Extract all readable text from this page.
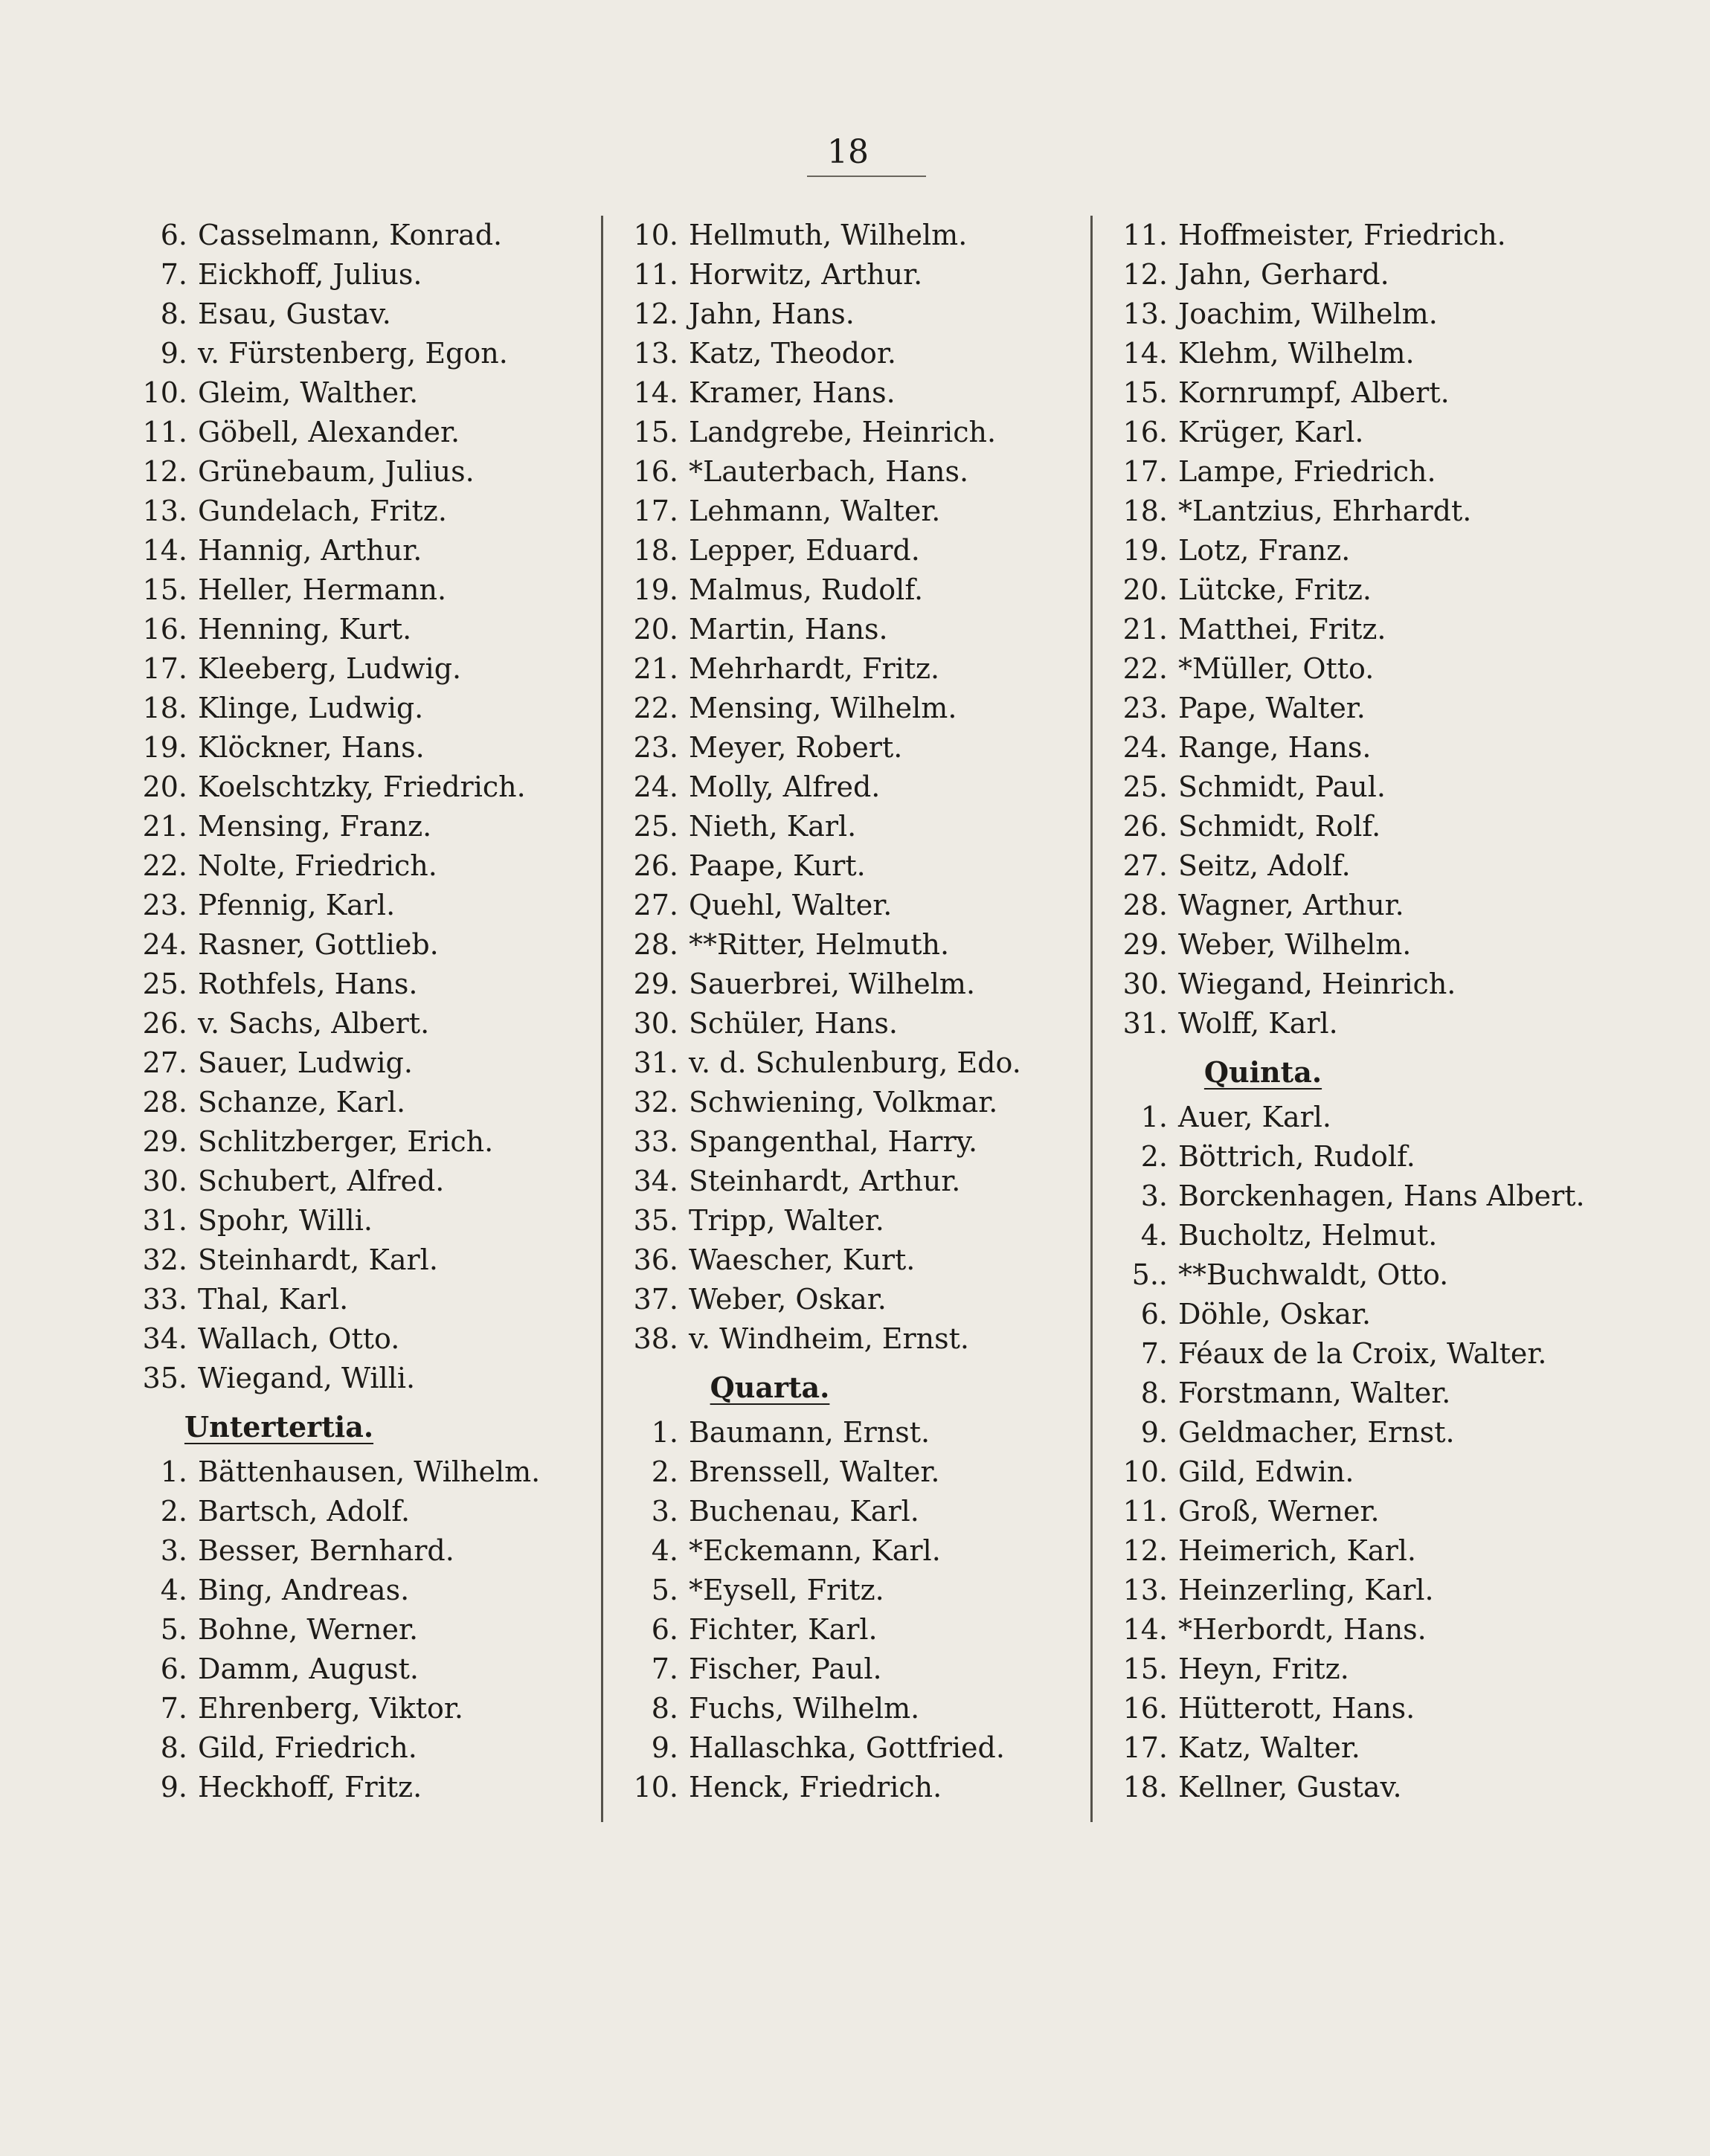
18
6. Casselmann, Konrad.
7. Eickhoff, Julius.
8. Esau, Gustav.
9. v. Fürstenberg, Egon.
10. Gleim, Walther.
11. Göbell, Alexander.
12. Grünebaum, Julius.
13. Gundelach, Fritz.
14. Hannig, Arthur.
15. Heller, Hermann.
16. Henning, Kurt.
17. Kleeberg, Ludwig.
18. Klinge, Ludwig.
19. Klöckner, Hans.
20. Koelschtzky, Friedrich.
21. Mensing, Franz.
22. Nolte, Friedrich.
23. Pfennig, Karl.
24. Rasner, Gottlieb.
25. Rothfels, Hans.
26. v. Sachs, Albert.
27. Sauer, Ludwig.
28. Schanze, Karl.
29. Schlitzberger, Erich.
30. Schubert, Alfred.
31. Spohr, Willi.
32. Steinhardt, Karl.
33. Thal, Karl.
34. Wallach, Otto.
35. Wiegand, Willi.
Untertertia.
1. Bättenhausen, Wilhelm.
2. Bartsch, Adolf.
3. Besser, Bernhard.
4. Bing, Andreas.
5. Bohne, Werner.
6. Damm, August.
7. Ehrenberg, Viktor.
8. Gild, Friedrich.
9. Heckhoff, Fritz.
10. Hellmuth, Wilhelm.
11. Horwitz, Arthur.
12. Jahn, Hans.
13. Katz, Theodor.
14. Kramer, Hans.
15. Landgrebe, Heinrich.
16. *Lauterbach, Hans.
17. Lehmann, Walter.
18. Lepper, Eduard.
19. Malmus, Rudolf.
20. Martin, Hans.
21. Mehrhardt, Fritz.
22. Mensing, Wilhelm.
23. Meyer, Robert.
24. Molly, Alfred.
25. Nieth, Karl.
26. Paape, Kurt.
27. Quehl, Walter.
28. **Ritter, Helmuth.
29. Sauerbrei, Wilhelm.
30. Schüler, Hans.
31. v. d. Schulenburg, Edo.
32. Schwiening, Volkmar.
33. Spangenthal, Harry.
34. Steinhardt, Arthur.
35. Tripp, Walter.
36. Waescher, Kurt.
37. Weber, Oskar.
38. v. Windheim, Ernst.
Quarta.
1. Baumann, Ernst.
2. Brenssell, Walter.
3. Buchenau, Karl.
4. *Eckemann, Karl.
5. *Eysell, Fritz.
6. Fichter, Karl.
7. Fischer, Paul.
8. Fuchs, Wilhelm.
9. Hallaschka, Gottfried.
10. Henck, Friedrich.
11. Hoffmeister, Friedrich.
12. Jahn, Gerhard.
13. Joachim, Wilhelm.
14. Klehm, Wilhelm.
15. Kornrumpf, Albert.
16. Krüger, Karl.
17. Lampe, Friedrich.
18. *Lantzius, Ehrhardt.
19. Lotz, Franz.
20. Lütcke, Fritz.
21. Matthei, Fritz.
22. *Müller, Otto.
23. Pape, Walter.
24. Range, Hans.
25. Schmidt, Paul.
26. Schmidt, Rolf.
27. Seitz, Adolf.
28. Wagner, Arthur.
29. Weber, Wilhelm.
30. Wiegand, Heinrich.
31. Wolff, Karl.
Quinta.
1. Auer, Karl.
2. Böttrich, Rudolf.
3. Borckenhagen, Hans Albert.
4. Bucholtz, Helmut.
5.. **Buchwaldt, Otto.
6. Döhle, Oskar.
7. Féaux de la Croix, Walter.
8. Forstmann, Walter.
9. Geldmacher, Ernst.
10. Gild, Edwin.
11. Groß, Werner.
12. Heimerich, Karl.
13. Heinzerling, Karl.
14. *Herbordt, Hans.
15. Heyn, Fritz.
16. Hütterott, Hans.
17. Katz, Walter.
18. Kellner, Gustav.
